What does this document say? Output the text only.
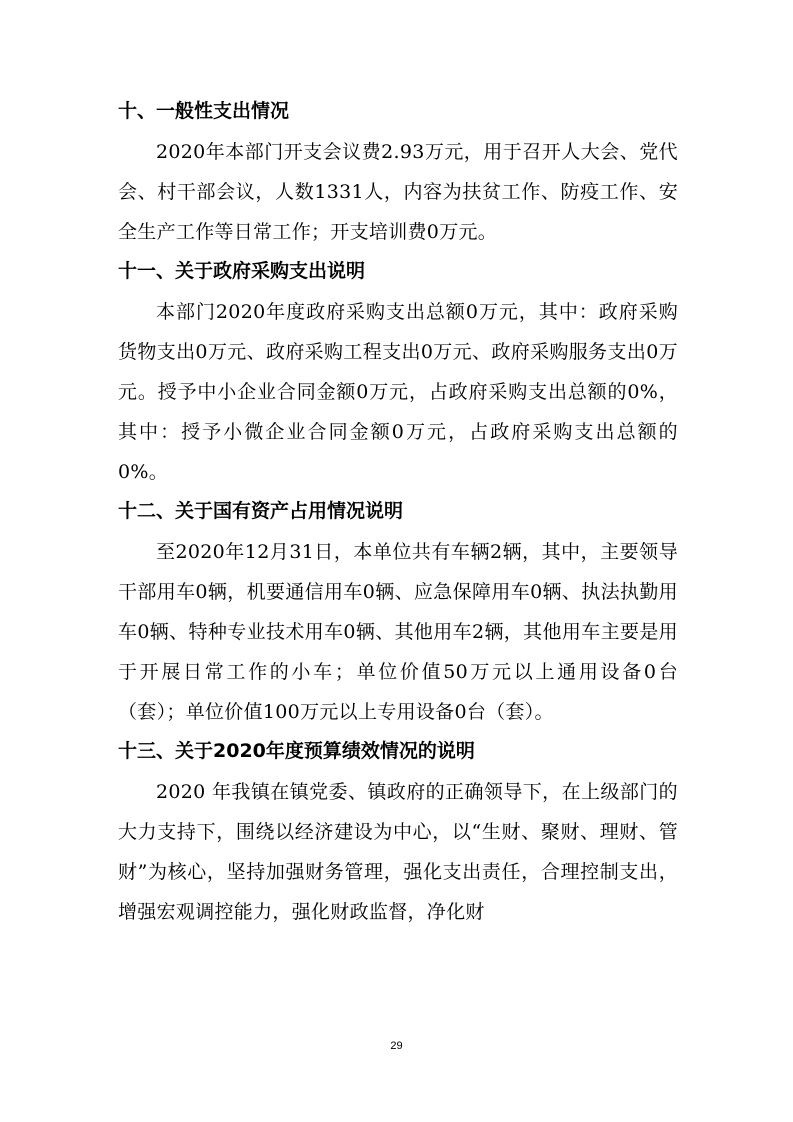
十、一般性支出情况

2020年本部门开支会议费2.93万元，用于召开人大会、党代会、村干部会议，人数1331人，内容为扶贫工作、防疫工作、安全生产工作等日常工作；开支培训费0万元。

十一、关于政府采购支出说明

本部门2020年度政府采购支出总额0万元，其中：政府采购货物支出0万元、政府采购工程支出0万元、政府采购服务支出0万元。授予中小企业合同金额0万元，占政府采购支出总额的0%，其中：授予小微企业合同金额0万元，占政府采购支出总额的0%。

十二、关于国有资产占用情况说明

至2020年12月31日，本单位共有车辆2辆，其中，主要领导干部用车0辆，机要通信用车0辆、应急保障用车0辆、执法执勤用车0辆、特种专业技术用车0辆、其他用车2辆，其他用车主要是用于开展日常工作的小车；单位价值50万元以上通用设备0台（套）；单位价值100万元以上专用设备0台（套）。

十三、关于2020年度预算绩效情况的说明

2020 年我镇在镇党委、镇政府的正确领导下，在上级部门的大力支持下，围绕以经济建设为中心，以“生财、聚财、理财、管财”为核心，坚持加强财务管理，强化支出责任，合理控制支出，增强宏观调控能力，强化财政监督，净化财

29
